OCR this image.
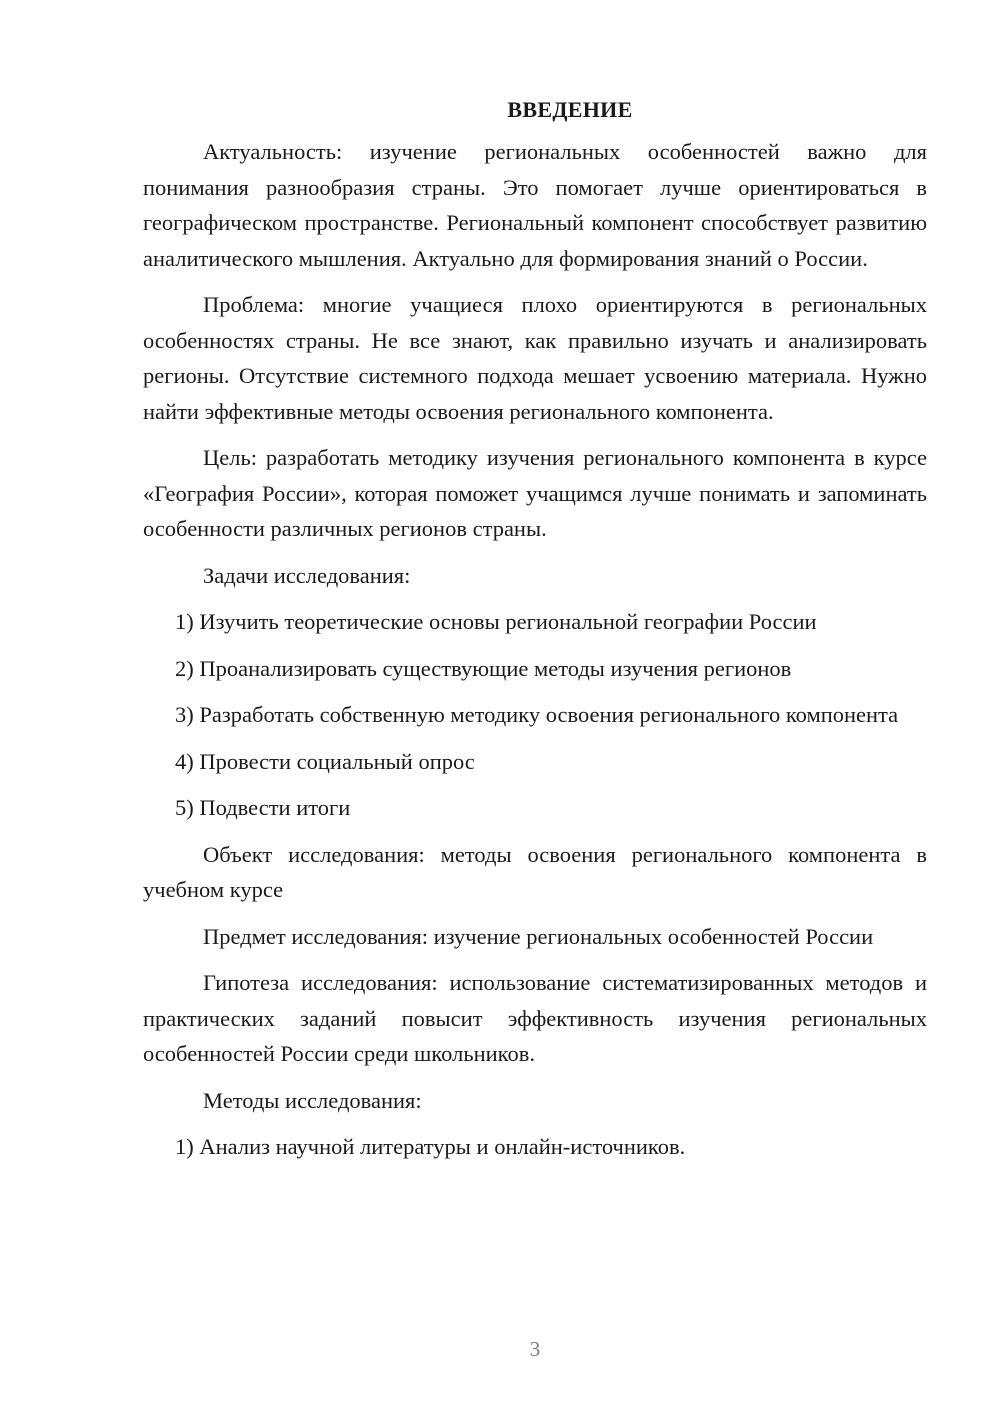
ВВЕДЕНИЕ

Актуальность: изучение региональных особенностей важно для понимания разнообразия страны. Это помогает лучше ориентироваться в географическом пространстве. Региональный компонент способствует развитию аналитического мышления. Актуально для формирования знаний о России.

Проблема: многие учащиеся плохо ориентируются в региональных особенностях страны. Не все знают, как правильно изучать и анализировать регионы. Отсутствие системного подхода мешает усвоению материала. Нужно найти эффективные методы освоения регионального компонента.

Цель: разработать методику изучения регионального компонента в курсе «География России», которая поможет учащимся лучше понимать и запоминать особенности различных регионов страны.

Задачи исследования:

1) Изучить теоретические основы региональной географии России

2) Проанализировать существующие методы изучения регионов

3) Разработать собственную методику освоения регионального компонента

4) Провести социальный опрос

5) Подвести итоги

Объект исследования: методы освоения регионального компонента в учебном курсе

Предмет исследования: изучение региональных особенностей России

Гипотеза исследования: использование систематизированных методов и практических заданий повысит эффективность изучения региональных особенностей России среди школьников.

Методы исследования:

1) Анализ научной литературы и онлайн-источников.

3
